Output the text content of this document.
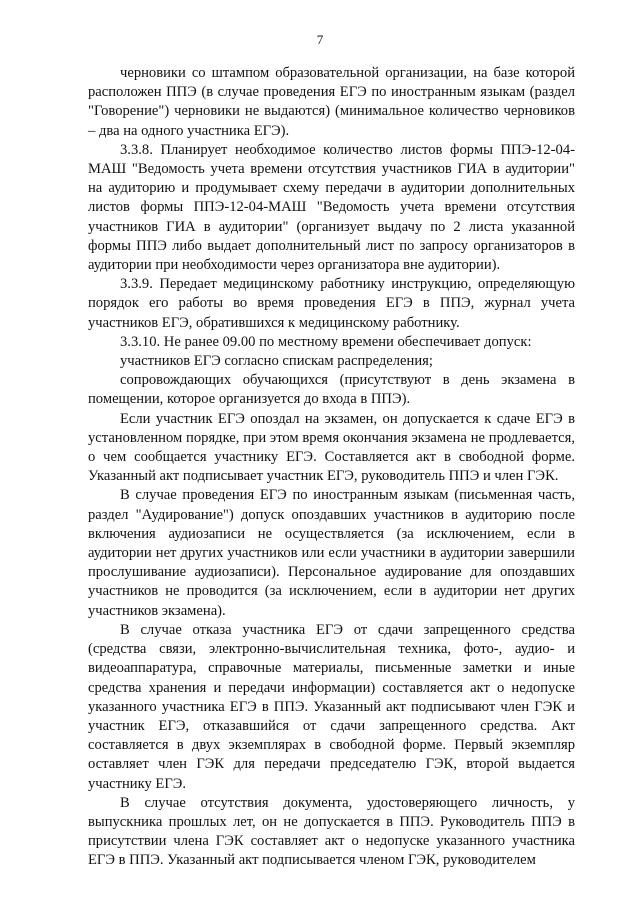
7

черновики со штампом образовательной организации, на базе которой расположен ППЭ (в случае проведения ЕГЭ по иностранным языкам (раздел "Говорение") черновики не выдаются) (минимальное количество черновиков – два на одного участника ЕГЭ).

3.3.8. Планирует необходимое количество листов формы ППЭ-12-04-МАШ "Ведомость учета времени отсутствия участников ГИА в аудитории" на аудиторию и продумывает схему передачи в аудитории дополнительных листов формы ППЭ-12-04-МАШ "Ведомость учета времени отсутствия участников ГИА в аудитории" (организует выдачу по 2 листа указанной формы ППЭ либо выдает дополнительный лист по запросу организаторов в аудитории при необходимости через организатора вне аудитории).

3.3.9. Передает медицинскому работнику инструкцию, определяющую порядок его работы во время проведения ЕГЭ в ППЭ, журнал учета участников ЕГЭ, обратившихся к медицинскому работнику.

3.3.10. Не ранее 09.00 по местному времени обеспечивает допуск:

участников ЕГЭ согласно спискам распределения;

сопровождающих обучающихся (присутствуют в день экзамена в помещении, которое организуется до входа в ППЭ).

Если участник ЕГЭ опоздал на экзамен, он допускается к сдаче ЕГЭ в установленном порядке, при этом время окончания экзамена не продлевается, о чем сообщается участнику ЕГЭ. Составляется акт в свободной форме. Указанный акт подписывает участник ЕГЭ, руководитель ППЭ и член ГЭК.

В случае проведения ЕГЭ по иностранным языкам (письменная часть, раздел "Аудирование") допуск опоздавших участников в аудиторию после включения аудиозаписи не осуществляется (за исключением, если в аудитории нет других участников или если участники в аудитории завершили прослушивание аудиозаписи). Персональное аудирование для опоздавших участников не проводится (за исключением, если в аудитории нет других участников экзамена).

В случае отказа участника ЕГЭ от сдачи запрещенного средства (средства связи, электронно-вычислительная техника, фото-, аудио- и видеоаппаратура, справочные материалы, письменные заметки и иные средства хранения и передачи информации) составляется акт о недопуске указанного участника ЕГЭ в ППЭ. Указанный акт подписывают член ГЭК и участник ЕГЭ, отказавшийся от сдачи запрещенного средства. Акт составляется в двух экземплярах в свободной форме. Первый экземпляр оставляет член ГЭК для передачи председателю ГЭК, второй выдается участнику ЕГЭ.

В случае отсутствия документа, удостоверяющего личность, у выпускника прошлых лет, он не допускается в ППЭ. Руководитель ППЭ в присутствии члена ГЭК составляет акт о недопуске указанного участника ЕГЭ в ППЭ. Указанный акт подписывается членом ГЭК, руководителем
